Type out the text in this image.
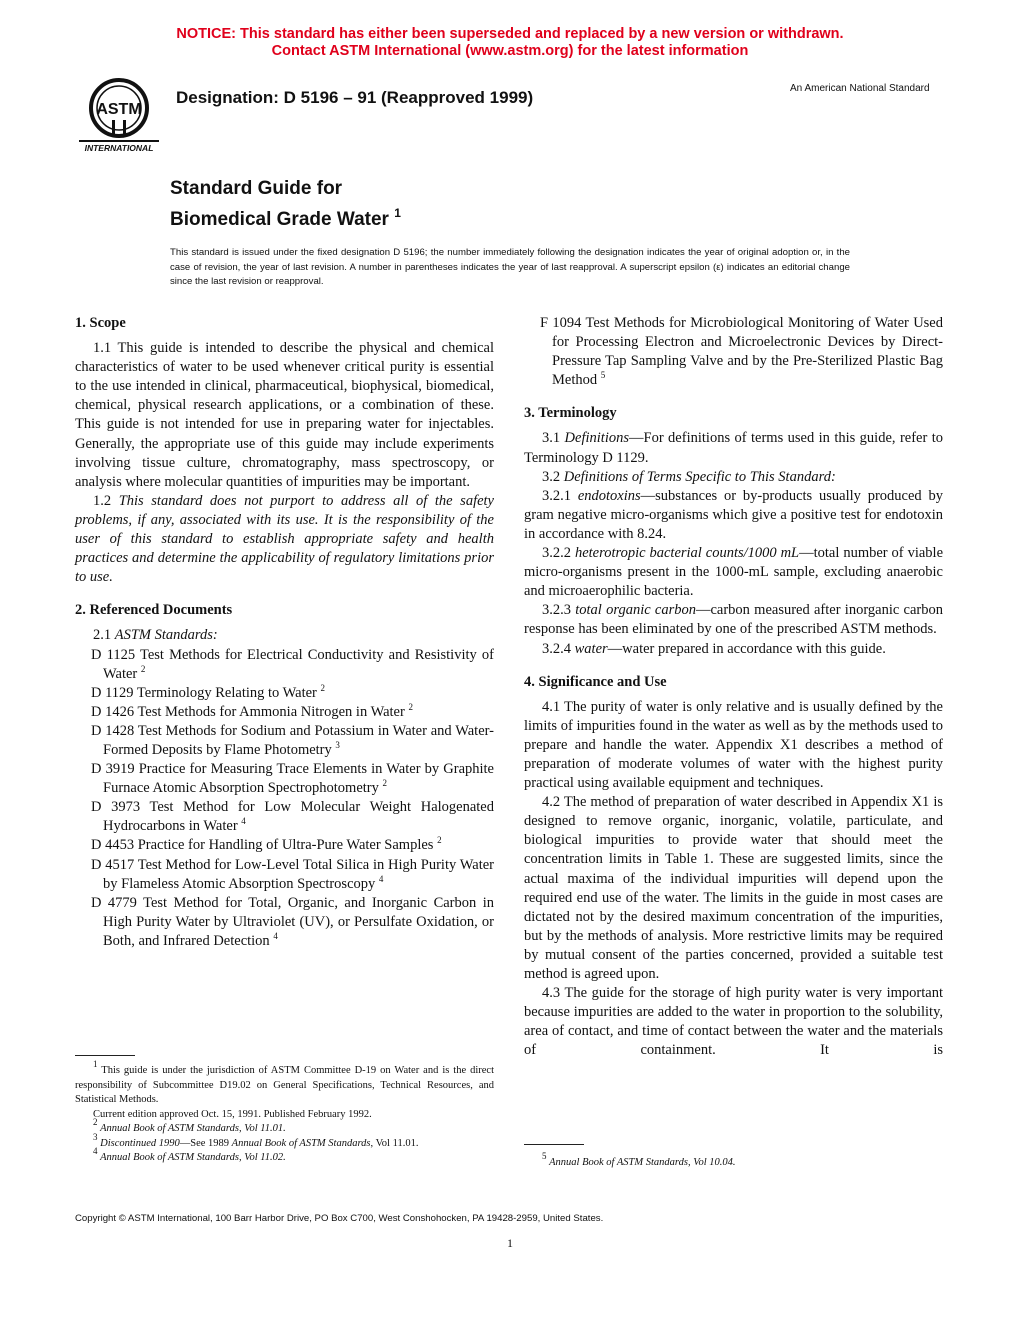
NOTICE: This standard has either been superseded and replaced by a new version or withdrawn.
Contact ASTM International (www.astm.org) for the latest information
ASTM
INTERNATIONAL
Designation: D 5196 – 91 (Reapproved 1999)	An American National Standard
Standard Guide for
Biomedical Grade Water $^1$
This standard is issued under the fixed designation D 5196; the number immediately following the designation indicates the year of original adoption or, in the case of revision, the year of last revision. A number in parentheses indicates the year of last reapproval. A superscript epsilon (ε) indicates an editorial change since the last revision or reapproval.

1. Scope

1.1 This guide is intended to describe the physical and chemical characteristics of water to be used whenever critical purity is essential to the use intended in clinical, pharmaceutical, biophysical, biomedical, chemical, physical research applications, or a combination of these. This guide is not intended for use in preparing water for injectables. Generally, the appropriate use of this guide may include experiments involving tissue culture, chromatography, mass spectroscopy, or analysis where molecular quantities of impurities may be important.

1.2 This standard does not purport to address all of the safety problems, if any, associated with its use. It is the responsibility of the user of this standard to establish appropriate safety and health practices and determine the applicability of regulatory limitations prior to use.

2. Referenced Documents

2.1 ASTM Standards:

D 1125 Test Methods for Electrical Conductivity and Resistivity of Water $^2$

D 1129 Terminology Relating to Water $^2$

D 1426 Test Methods for Ammonia Nitrogen in Water $^2$

D 1428 Test Methods for Sodium and Potassium in Water and Water-Formed Deposits by Flame Photometry $^3$

D 3919 Practice for Measuring Trace Elements in Water by Graphite Furnace Atomic Absorption Spectrophotometry $^2$

D 3973 Test Method for Low Molecular Weight Halogenated Hydrocarbons in Water $^4$

D 4453 Practice for Handling of Ultra-Pure Water Samples $^2$

D 4517 Test Method for Low-Level Total Silica in High Purity Water by Flameless Atomic Absorption Spectroscopy $^4$

D 4779 Test Method for Total, Organic, and Inorganic Carbon in High Purity Water by Ultraviolet (UV), or Persulfate Oxidation, or Both, and Infrared Detection $^4$

$^1$ This guide is under the jurisdiction of ASTM Committee D-19 on Water and is the direct responsibility of Subcommittee D19.02 on General Specifications, Technical Resources, and Statistical Methods.

Current edition approved Oct. 15, 1991. Published February 1992.

$^2$ Annual Book of ASTM Standards, Vol 11.01.

$^3$ Discontinued 1990—See 1989 Annual Book of ASTM Standards, Vol 11.01.

$^4$ Annual Book of ASTM Standards, Vol 11.02.

F 1094 Test Methods for Microbiological Monitoring of Water Used for Processing Electron and Microelectronic Devices by Direct-Pressure Tap Sampling Valve and by the Pre-Sterilized Plastic Bag Method $^5$

3. Terminology

3.1 Definitions—For definitions of terms used in this guide, refer to Terminology D 1129.

3.2 Definitions of Terms Specific to This Standard:

3.2.1 endotoxins—substances or by-products usually produced by gram negative micro-organisms which give a positive test for endotoxin in accordance with 8.24.

3.2.2 heterotropic bacterial counts/1000 mL—total number of viable micro-organisms present in the 1000-mL sample, excluding anaerobic and microaerophilic bacteria.

3.2.3 total organic carbon—carbon measured after inorganic carbon response has been eliminated by one of the prescribed ASTM methods.

3.2.4 water—water prepared in accordance with this guide.

4. Significance and Use

4.1 The purity of water is only relative and is usually defined by the limits of impurities found in the water as well as by the methods used to prepare and handle the water. Appendix X1 describes a method of preparation of moderate volumes of water with the highest purity practical using available equipment and techniques.

4.2 The method of preparation of water described in Appendix X1 is designed to remove organic, inorganic, volatile, particulate, and biological impurities to provide water that should meet the concentration limits in Table 1. These are suggested limits, since the actual maxima of the individual impurities will depend upon the required end use of the water. The limits in the guide in most cases are dictated not by the desired maximum concentration of the impurities, but by the methods of analysis. More restrictive limits may be required by mutual consent of the parties concerned, provided a suitable test method is agreed upon.

4.3 The guide for the storage of high purity water is very important because impurities are added to the water in proportion to the solubility, area of contact, and time of contact between the water and the materials of containment. It is

$^5$ Annual Book of ASTM Standards, Vol 10.04.

Copyright © ASTM International, 100 Barr Harbor Drive, PO Box C700, West Conshohocken, PA 19428-2959, United States.
1
